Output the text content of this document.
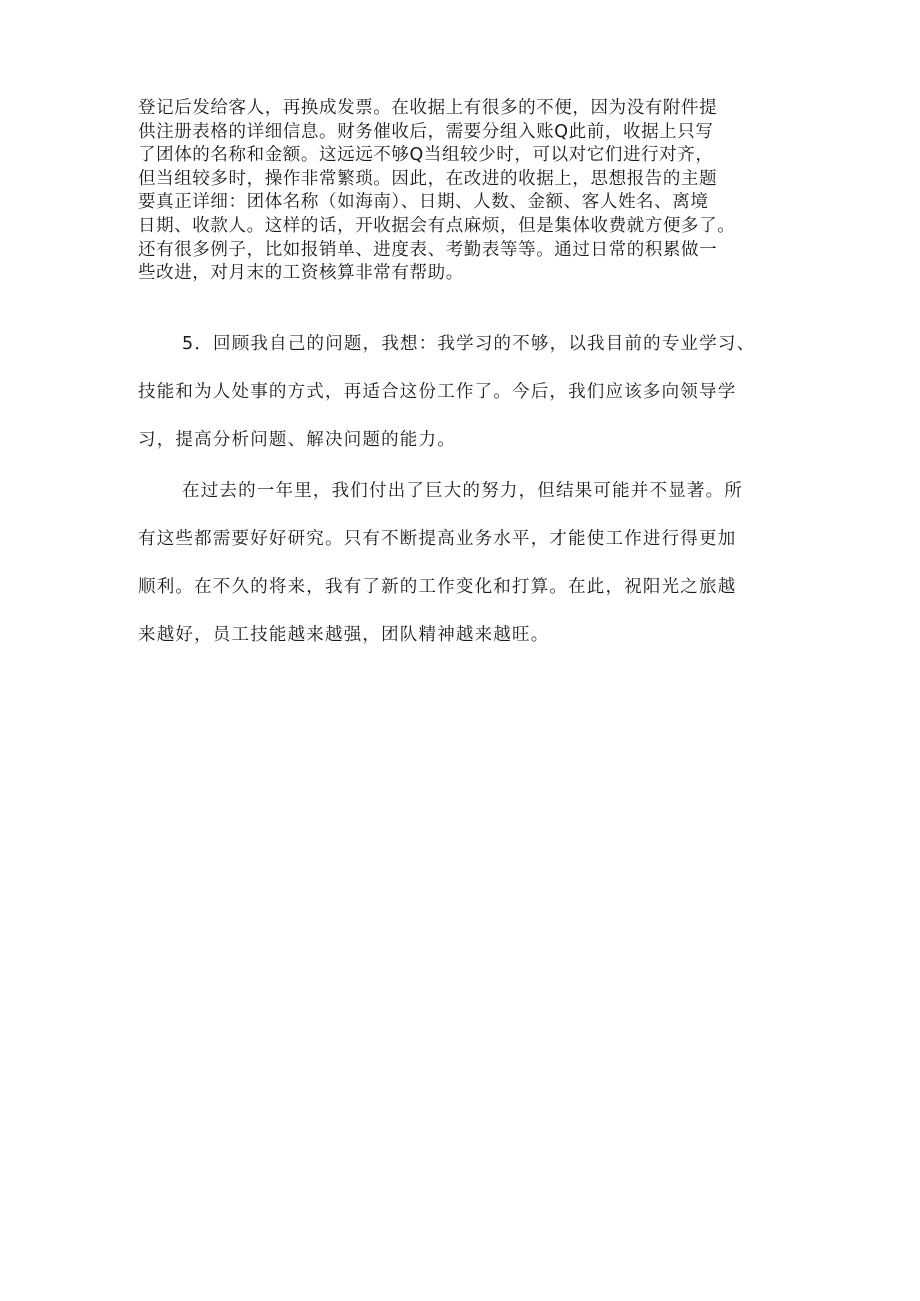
登记后发给客人，再换成发票。在收据上有很多的不便，因为没有附件提
供注册表格的详细信息。财务催收后，需要分组入账Q此前，收据上只写
了团体的名称和金额。这远远不够Q当组较少时，可以对它们进行对齐，
但当组较多时，操作非常繁琐。因此，在改进的收据上，思想报告的主题
要真正详细：团体名称（如海南）、日期、人数、金额、客人姓名、离境
日期、收款人。这样的话，开收据会有点麻烦，但是集体收费就方便多了。
还有很多例子，比如报销单、进度表、考勤表等等。通过日常的积累做一
些改进，对月末的工资核算非常有帮助。
5．回顾我自己的问题，我想：我学习的不够，以我目前的专业学习、
技能和为人处事的方式，再适合这份工作了。今后，我们应该多向领导学
习，提高分析问题、解决问题的能力。
在过去的一年里，我们付出了巨大的努力，但结果可能并不显著。所
有这些都需要好好研究。只有不断提高业务水平，才能使工作进行得更加
顺利。在不久的将来，我有了新的工作变化和打算。在此，祝阳光之旅越
来越好，员工技能越来越强，团队精神越来越旺。
